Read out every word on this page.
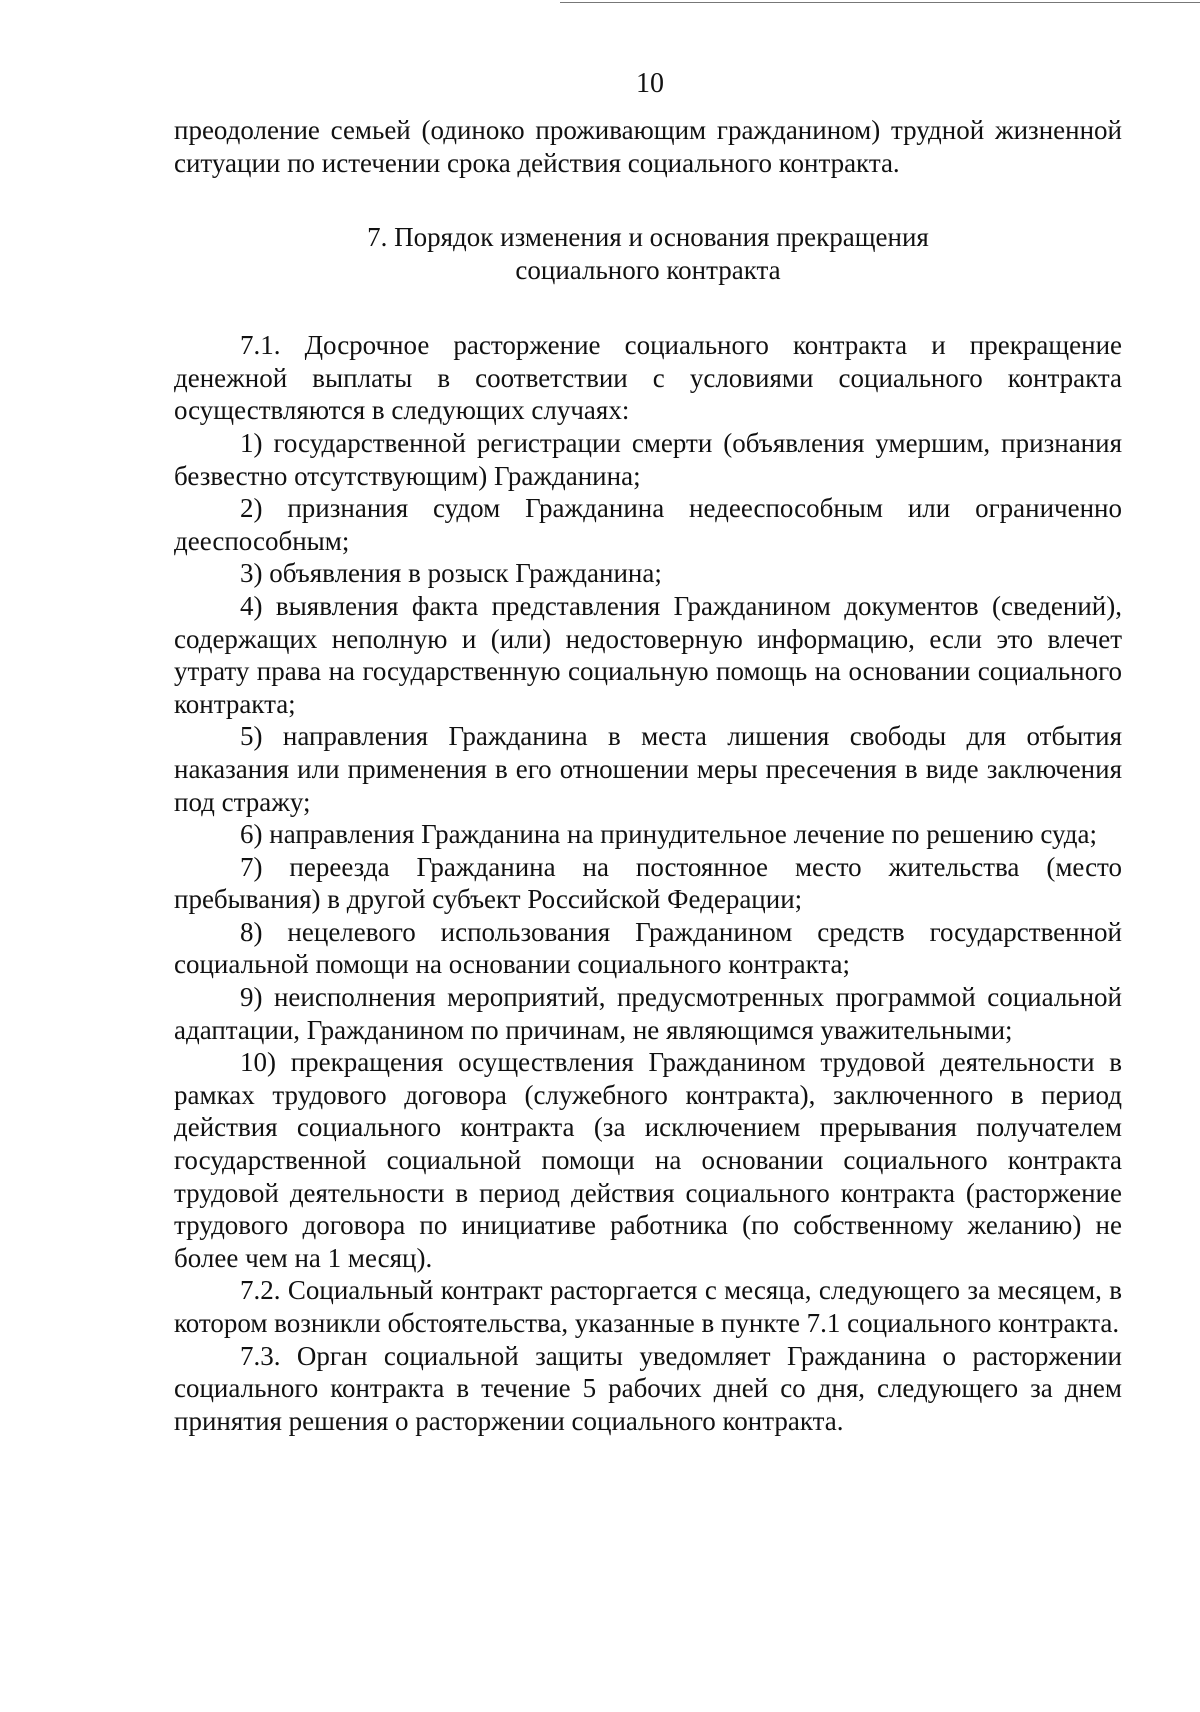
10

преодоление семьей (одиноко проживающим гражданином) трудной жизненной ситуации по истечении срока действия социального контракта.

7. Порядок изменения и основания прекращения
социального контракта

7.1. Досрочное расторжение социального контракта и прекращение денежной выплаты в соответствии с условиями социального контракта осуществляются в следующих случаях:

1) государственной регистрации смерти (объявления умершим, признания безвестно отсутствующим) Гражданина;

2) признания судом Гражданина недееспособным или ограниченно дееспособным;

3) объявления в розыск Гражданина;

4) выявления факта представления Гражданином документов (сведений), содержащих неполную и (или) недостоверную информацию, если это влечет утрату права на государственную социальную помощь на основании социального контракта;

5) направления Гражданина в места лишения свободы для отбытия наказания или применения в его отношении меры пресечения в виде заключения под стражу;

6) направления Гражданина на принудительное лечение по решению суда;

7) переезда Гражданина на постоянное место жительства (место пребывания) в другой субъект Российской Федерации;

8) нецелевого использования Гражданином средств государственной социальной помощи на основании социального контракта;

9) неисполнения мероприятий, предусмотренных программой социальной адаптации, Гражданином по причинам, не являющимся уважительными;

10) прекращения осуществления Гражданином трудовой деятельности в рамках трудового договора (служебного контракта), заключенного в период действия социального контракта (за исключением прерывания получателем государственной социальной помощи на основании социального контракта трудовой деятельности в период действия социального контракта (расторжение трудового договора по инициативе работника (по собственному желанию) не более чем на 1 месяц).

7.2. Социальный контракт расторгается с месяца, следующего за месяцем, в котором возникли обстоятельства, указанные в пункте 7.1 социального контракта.

7.3. Орган социальной защиты уведомляет Гражданина о расторжении социального контракта в течение 5 рабочих дней со дня, следующего за днем принятия решения о расторжении социального контракта.
